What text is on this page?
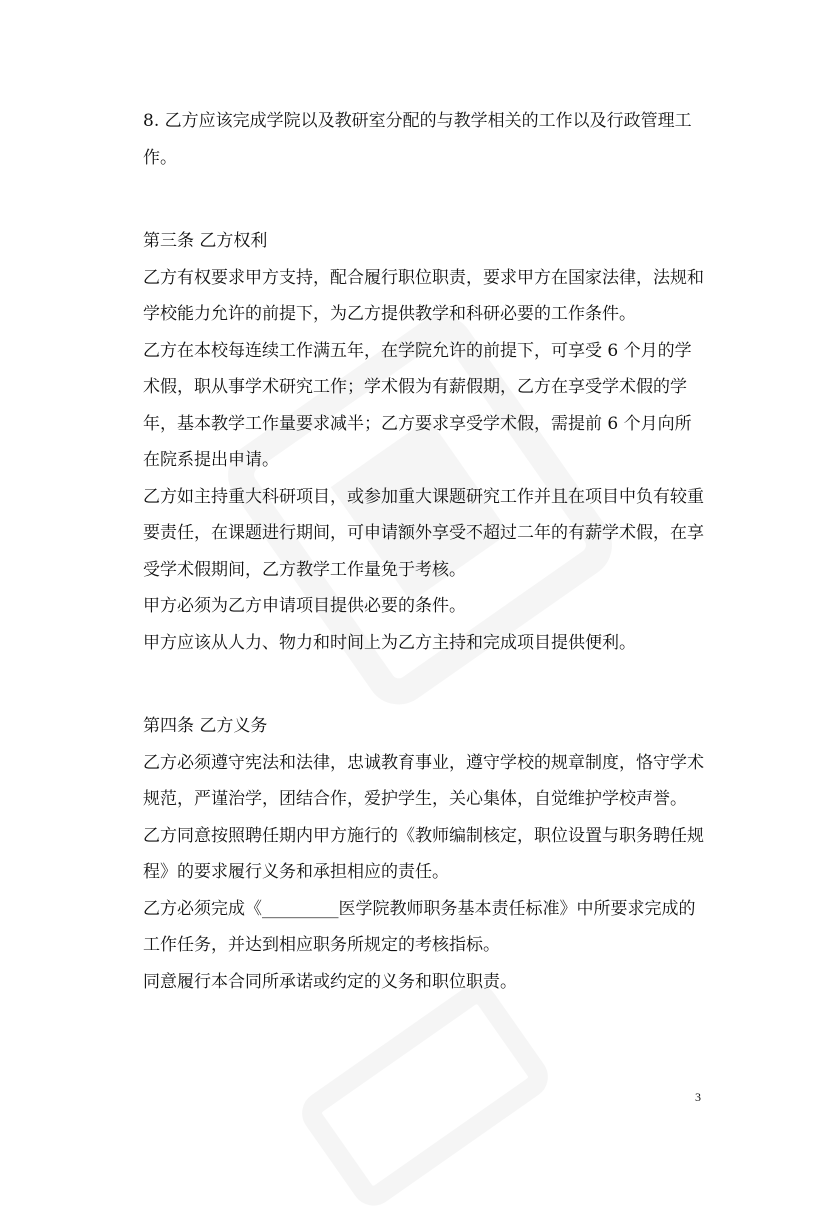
8. 乙方应该完成学院以及教研室分配的与教学相关的工作以及行政管理工作。

第三条 乙方权利

乙方有权要求甲方支持，配合履行职位职责，要求甲方在国家法律，法规和学校能力允许的前提下，为乙方提供教学和科研必要的工作条件。

乙方在本校每连续工作满五年，在学院允许的前提下，可享受 6 个月的学术假，职从事学术研究工作；学术假为有薪假期，乙方在享受学术假的学年，基本教学工作量要求减半；乙方要求享受学术假，需提前 6 个月向所在院系提出申请。

乙方如主持重大科研项目，或参加重大课题研究工作并且在项目中负有较重要责任，在课题进行期间，可申请额外享受不超过二年的有薪学术假，在享受学术假期间，乙方教学工作量免于考核。

甲方必须为乙方申请项目提供必要的条件。

甲方应该从人力、物力和时间上为乙方主持和完成项目提供便利。

第四条 乙方义务

乙方必须遵守宪法和法律，忠诚教育事业，遵守学校的规章制度，恪守学术规范，严谨治学，团结合作，爱护学生，关心集体，自觉维护学校声誉。

乙方同意按照聘任期内甲方施行的《教师编制核定，职位设置与职务聘任规程》的要求履行义务和承担相应的责任。

乙方必须完成《_________医学院教师职务基本责任标准》中所要求完成的工作任务，并达到相应职务所规定的考核指标。

同意履行本合同所承诺或约定的义务和职位职责。

3
